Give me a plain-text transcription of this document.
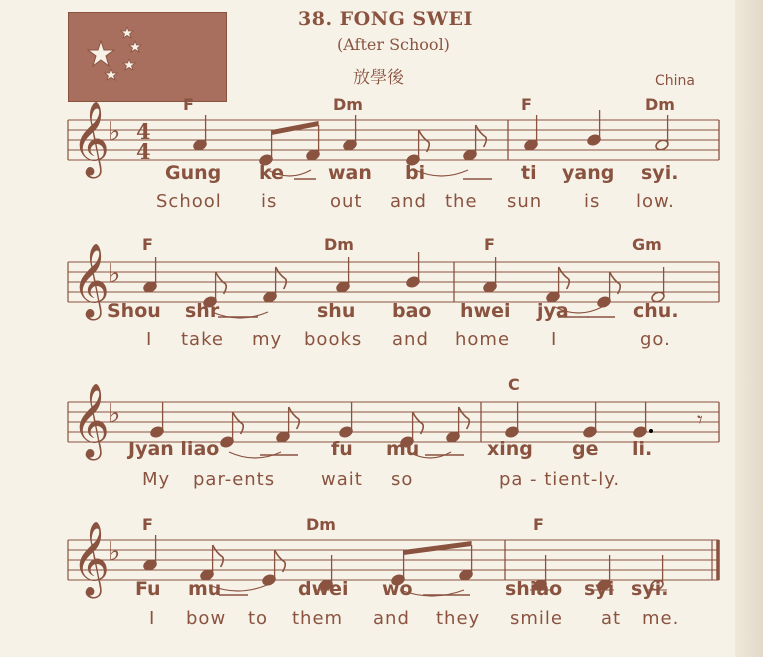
38. FONG SWEI
(After School)
放學後	China
𝄞
♭ 4
4
F	Dm	F	Dm
𝄞
♭
F	Dm	F	Gm
𝄞
♭
C
𝄾
𝄞
♭
F	Dm	F
Gung ke wan bi	ti yang syi.
School is	out and the sun is low.
Shou shr	shu bao hwei jya	chu.
I take my books and home I	go.
Jyan liao	fu mu	xing ge li.
My par-ents	wait so	pa - tient-ly.
Fu mu	dwei wo	shiao syi syi.
I bow to them and they smile at me.
